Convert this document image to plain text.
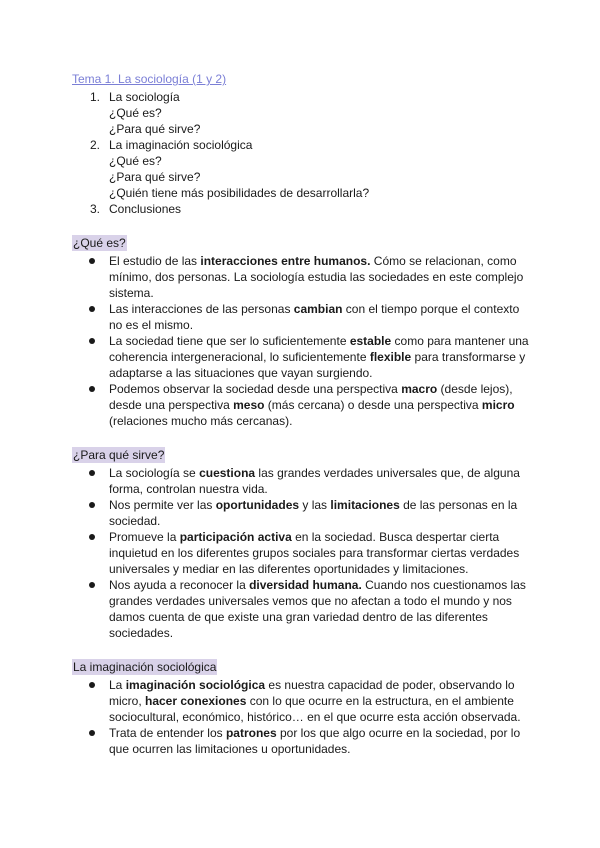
Tema 1. La sociología (1 y 2)

1. La sociología
¿Qué es?
¿Para qué sirve?
2. La imaginación sociológica
¿Qué es?
¿Para qué sirve?
¿Quién tiene más posibilidades de desarrollarla?
3. Conclusiones
¿Qué es?
El estudio de las interacciones entre humanos. Cómo se relacionan, como mínimo, dos personas. La sociología estudia las sociedades en este complejo sistema.
Las interacciones de las personas cambian con el tiempo porque el contexto no es el mismo.
La sociedad tiene que ser lo suficientemente estable como para mantener una coherencia intergeneracional, lo suficientemente flexible para transformarse y adaptarse a las situaciones que vayan surgiendo.
Podemos observar la sociedad desde una perspectiva macro (desde lejos), desde una perspectiva meso (más cercana) o desde una perspectiva micro (relaciones mucho más cercanas).
¿Para qué sirve?
La sociología se cuestiona las grandes verdades universales que, de alguna forma, controlan nuestra vida.
Nos permite ver las oportunidades y las limitaciones de las personas en la sociedad.
Promueve la participación activa en la sociedad. Busca despertar cierta inquietud en los diferentes grupos sociales para transformar ciertas verdades universales y mediar en las diferentes oportunidades y limitaciones.
Nos ayuda a reconocer la diversidad humana. Cuando nos cuestionamos las grandes verdades universales vemos que no afectan a todo el mundo y nos damos cuenta de que existe una gran variedad dentro de las diferentes sociedades.
La imaginación sociológica
La imaginación sociológica es nuestra capacidad de poder, observando lo micro, hacer conexiones con lo que ocurre en la estructura, en el ambiente sociocultural, económico, histórico… en el que ocurre esta acción observada.
Trata de entender los patrones por los que algo ocurre en la sociedad, por lo que ocurren las limitaciones u oportunidades.
